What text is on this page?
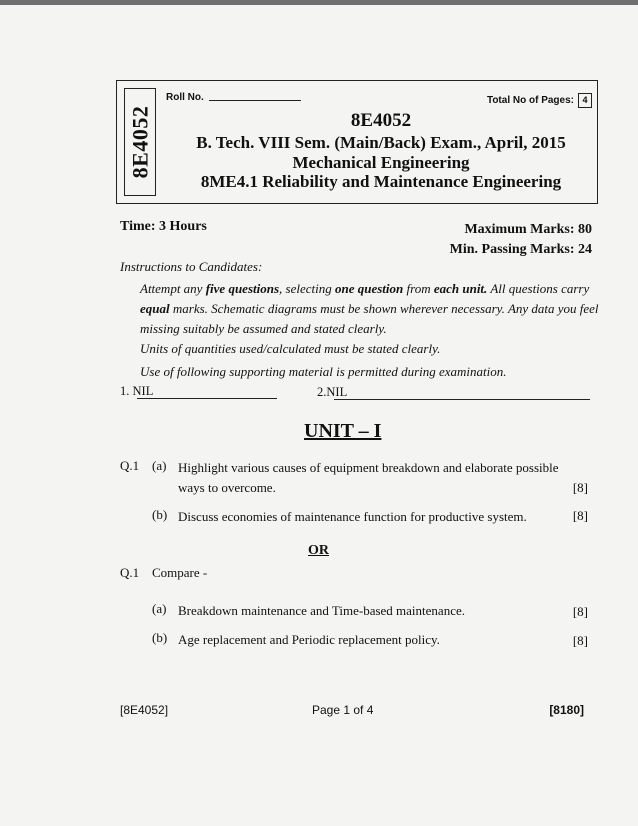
8E4052
Roll No.	Total No of Pages: 4
8E4052
B. Tech. VIII Sem. (Main/Back) Exam., April, 2015
Mechanical Engineering
8ME4.1 Reliability and Maintenance Engineering
Time: 3 Hours	Maximum Marks: 80
Min. Passing Marks: 24
Instructions to Candidates:
Attempt any five questions, selecting one question from each unit. All questions carry equal marks. Schematic diagrams must be shown wherever necessary. Any data you feel missing suitably be assumed and stated clearly.
Units of quantities used/calculated must be stated clearly.
Use of following supporting material is permitted during examination.
1. NIL	2.NIL
UNIT – I
Q.1 (a) Highlight various causes of equipment breakdown and elaborate possible ways to overcome.	[8]
(b) Discuss economies of maintenance function for productive system.	[8]
OR
Q.1 Compare -
(a) Breakdown maintenance and Time-based maintenance.	[8]
(b) Age replacement and Periodic replacement policy.	[8]
[8E4052]	Page 1 of 4	[8180]
